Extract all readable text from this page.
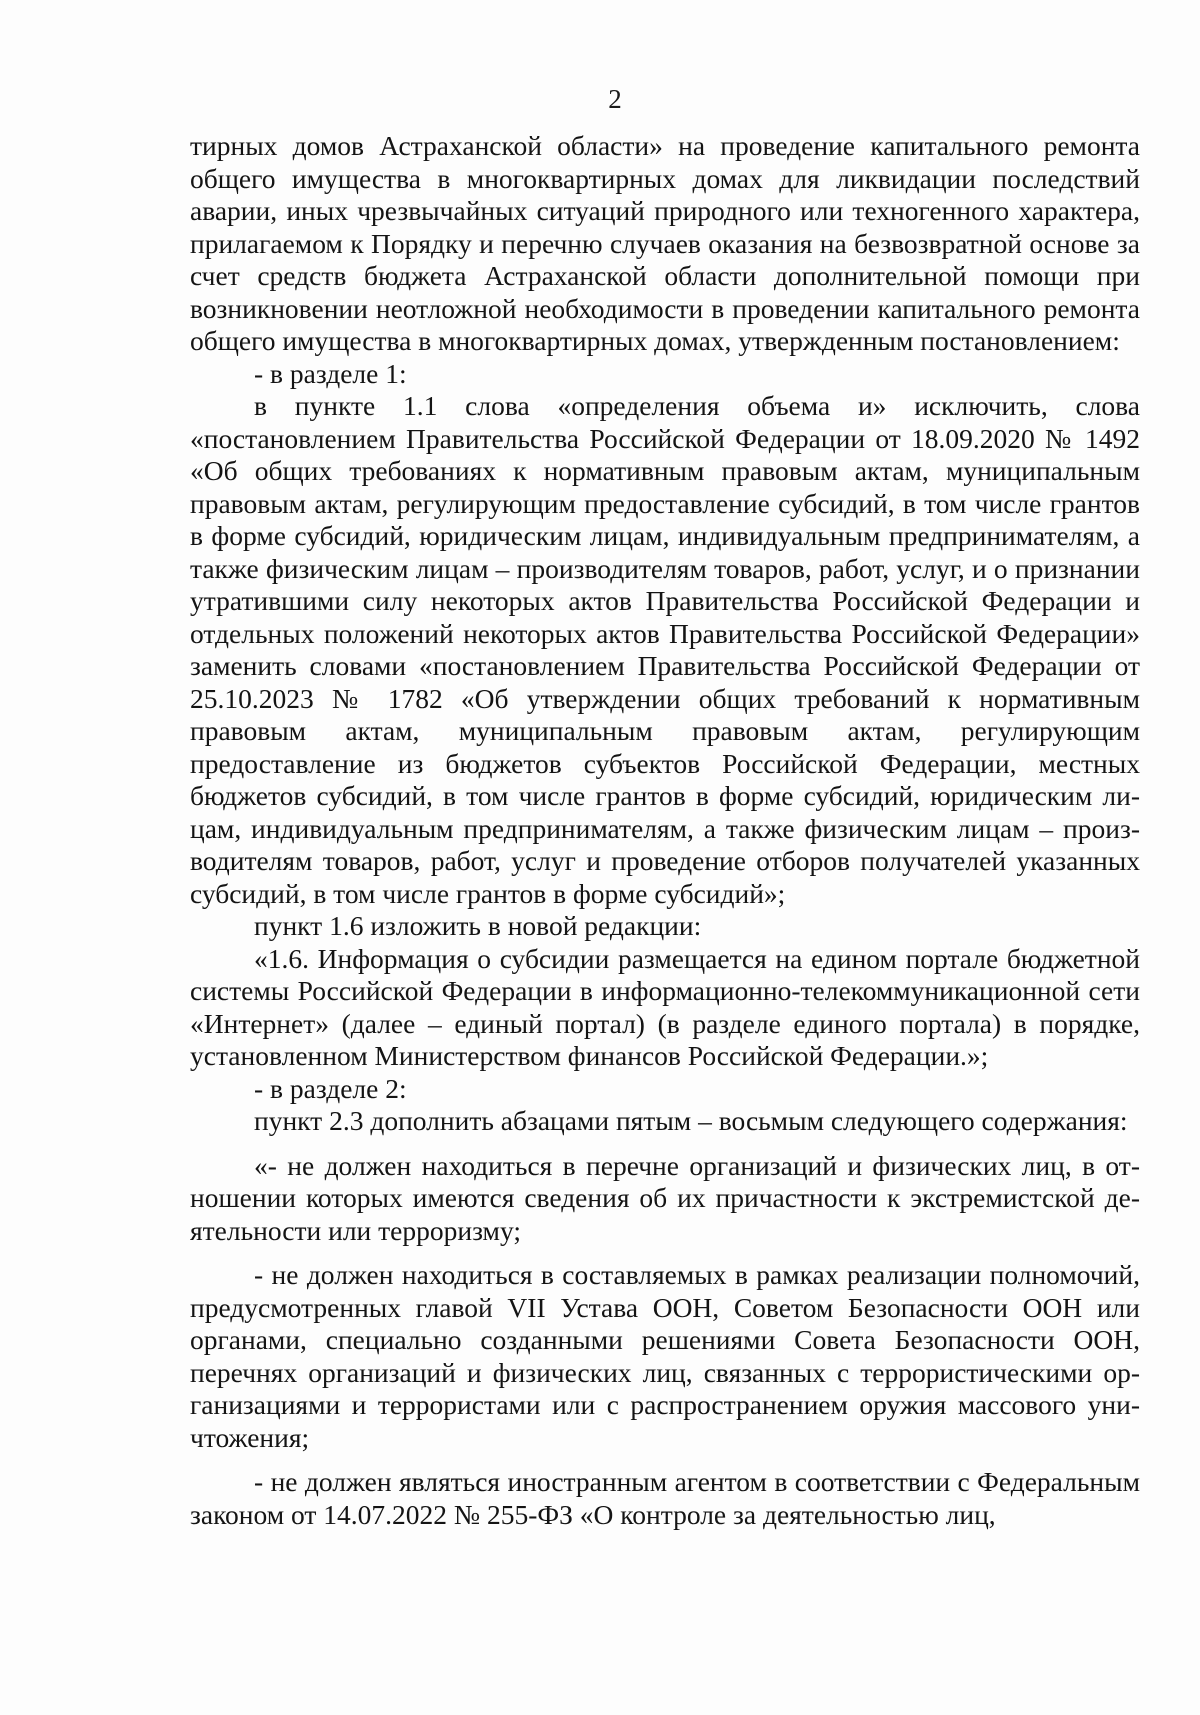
2

тирных домов Астраханской области» на проведение капитального ремонта общего имущества в многоквартирных домах для ликвидации последствий аварии, иных чрезвычайных ситуаций природного или техногенного характера, прилагаемом к Порядку и перечню случаев оказания на безвозвратной основе за счет средств бюджета Астраханской области дополнительной помощи при возникновении неотложной необходимости в проведении капитального ремонта общего имущества в многоквартирных домах, утвержденным постановлением:

- в разделе 1:

в пункте 1.1 слова «определения объема и» исключить, слова «постановлением Правительства Российской Федерации от 18.09.2020 № 1492 «Об общих требованиях к нормативным правовым актам, муниципальным правовым актам, регулирующим предоставление субсидий, в том числе грантов в форме субсидий, юридическим лицам, индивидуальным предпринимателям, а также физическим лицам – производителям товаров, работ, услуг, и о признании утратившими силу некоторых актов Правительства Российской Федерации и отдельных положений некоторых актов Правительства Российской Федерации» заменить словами «постановлением Правительства Российской Федерации от 25.10.2023 № 1782 «Об утверждении общих требований к нормативным правовым актам, муниципальным правовым актам, регулирующим предоставление из бюджетов субъектов Российской Федерации, местных бюджетов субсидий, в том числе грантов в форме субсидий, юридическим лицам, индивидуальным предпринимателям, а также физическим лицам – производителям товаров, работ, услуг и проведение отборов получателей указанных субсидий, в том числе грантов в форме субсидий»;

пункт 1.6 изложить в новой редакции:

«1.6. Информация о субсидии размещается на едином портале бюджетной системы Российской Федерации в информационно-телекоммуникационной сети «Интернет» (далее – единый портал) (в разделе единого портала) в порядке, установленном Министерством финансов Российской Федерации.»;

- в разделе 2:

пункт 2.3 дополнить абзацами пятым – восьмым следующего содержания:

«- не должен находиться в перечне организаций и физических лиц, в отношении которых имеются сведения об их причастности к экстремистской деятельности или терроризму;

- не должен находиться в составляемых в рамках реализации полномочий, предусмотренных главой VII Устава ООН, Советом Безопасности ООН или органами, специально созданными решениями Совета Безопасности ООН, перечнях организаций и физических лиц, связанных с террористическими организациями и террористами или с распространением оружия массового уничтожения;

- не должен являться иностранным агентом в соответствии с Федеральным законом от 14.07.2022 № 255-ФЗ «О контроле за деятельностью лиц,
